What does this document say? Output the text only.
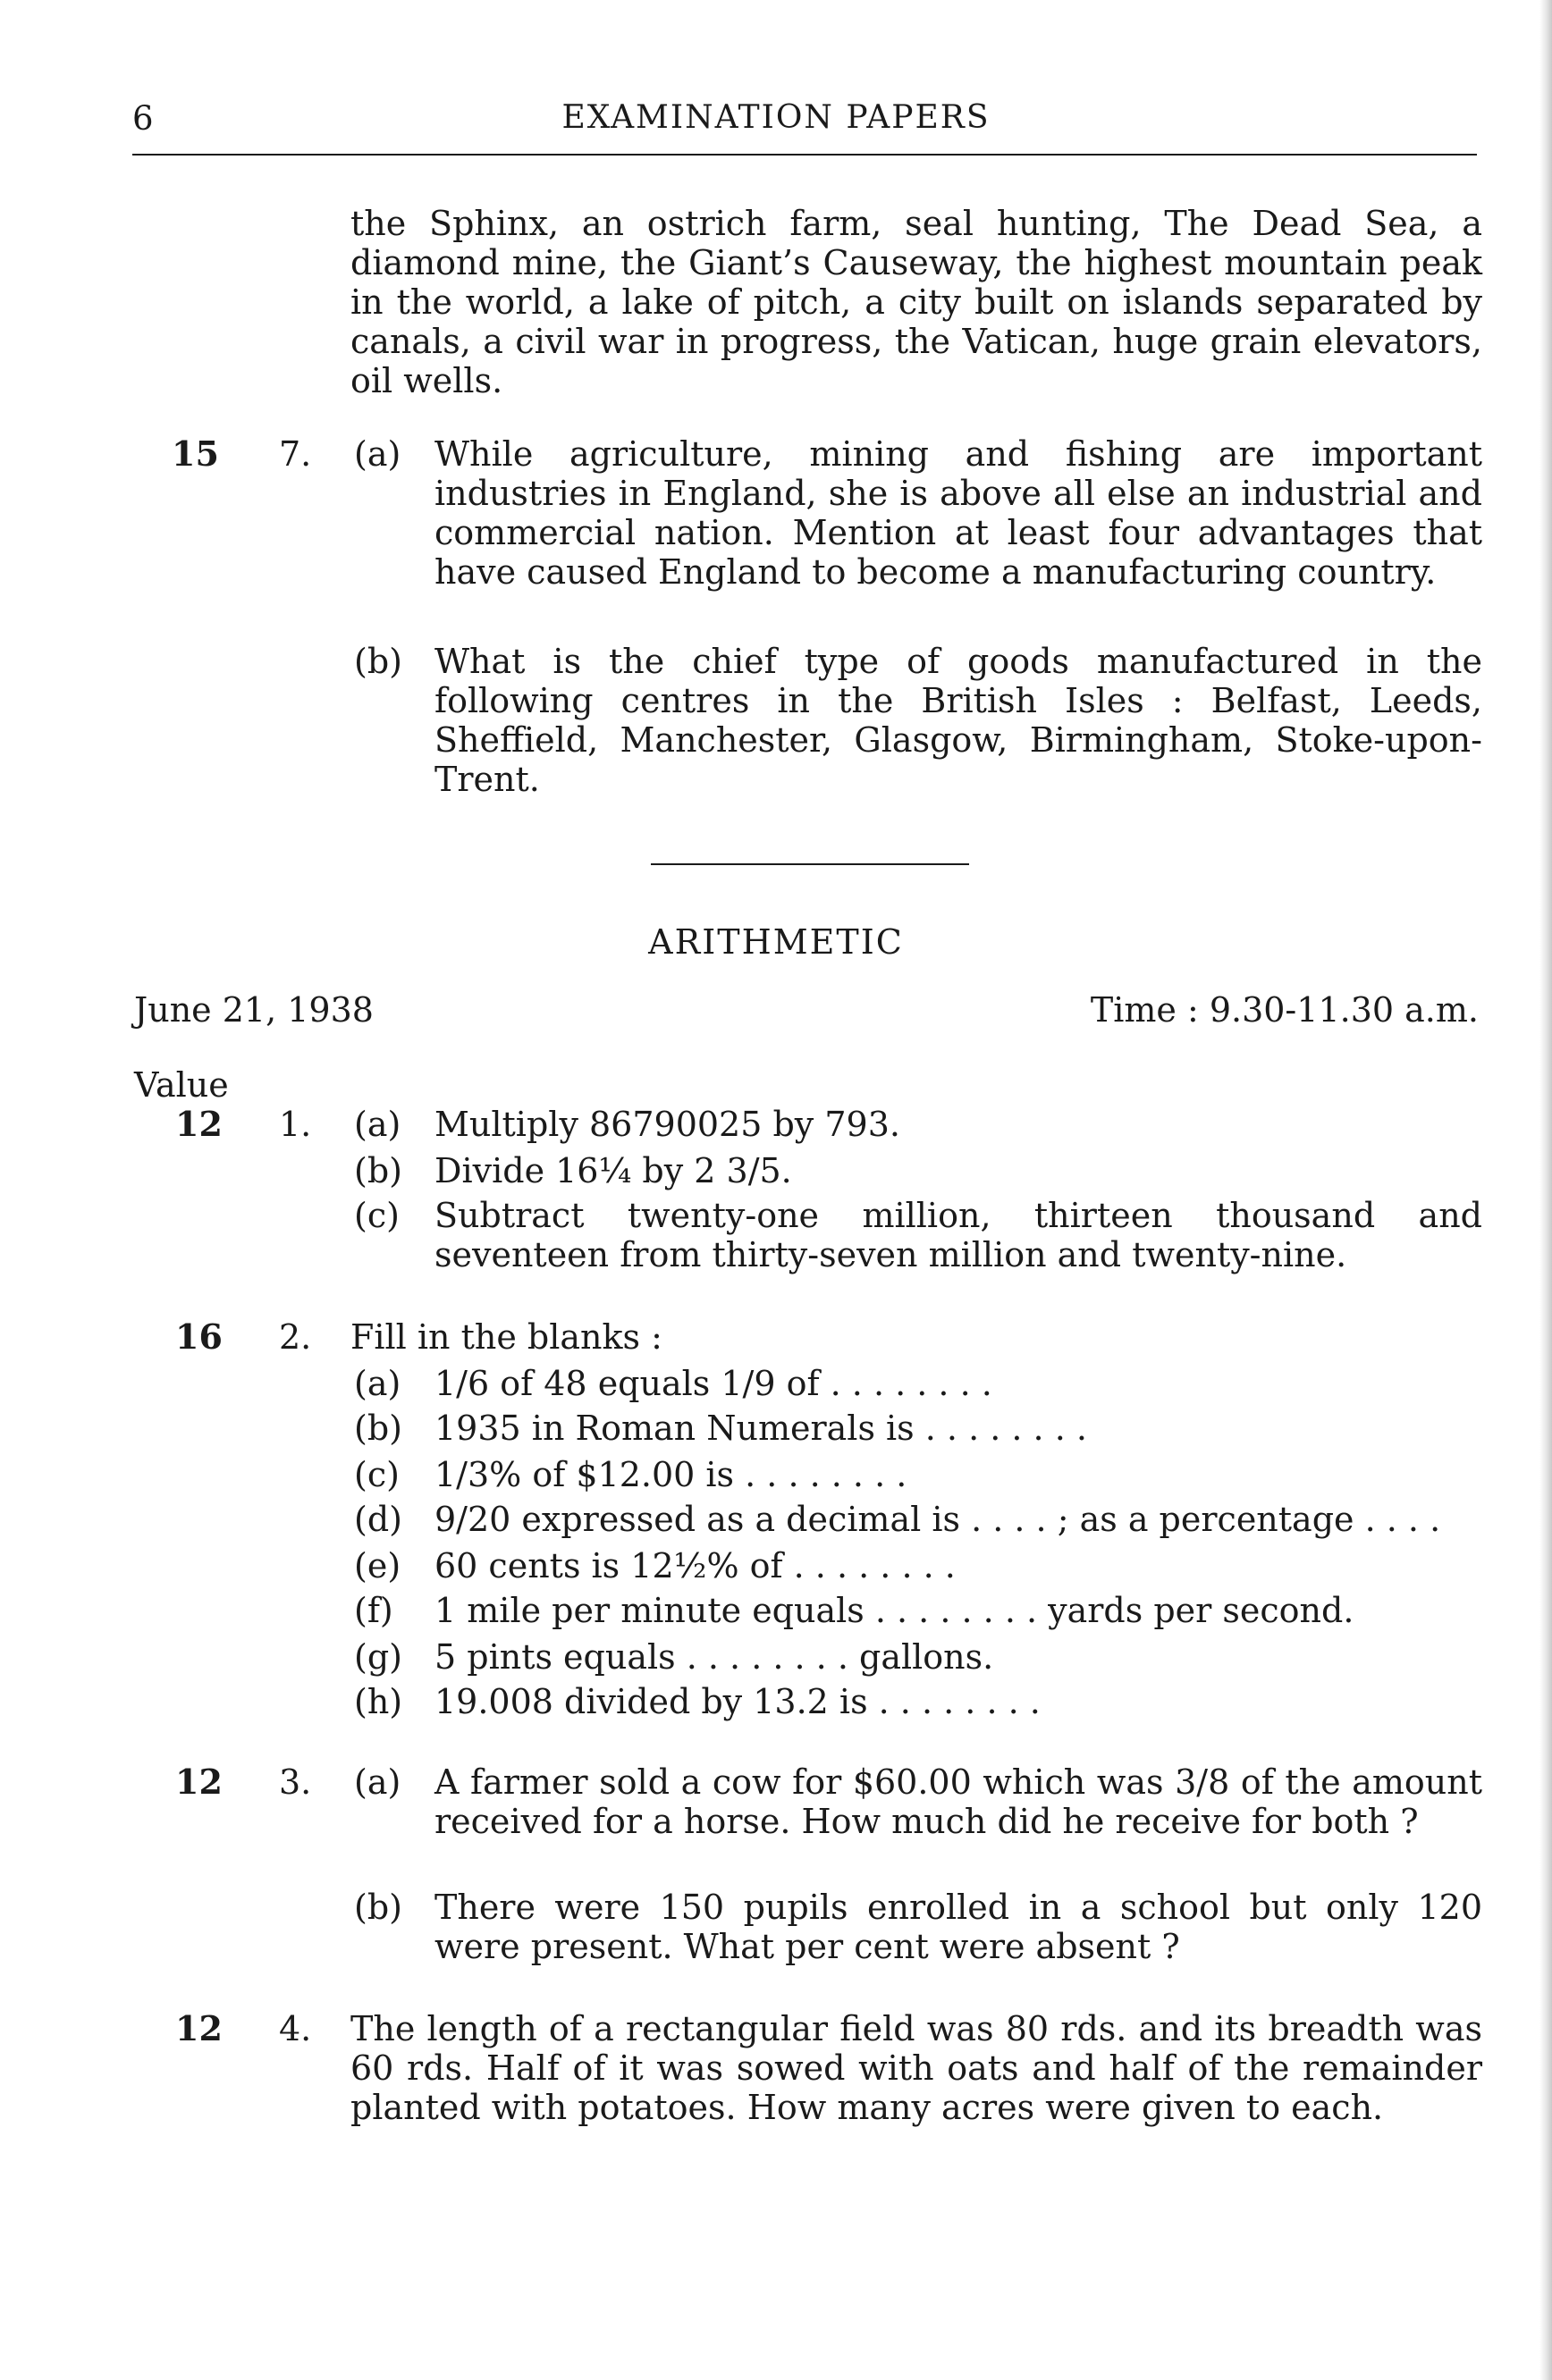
6	EXAMINATION PAPERS

the Sphinx, an ostrich farm, seal hunting, The Dead Sea, a diamond mine, the Giant’s Causeway, the highest mountain peak in the world, a lake of pitch, a city built on islands separated by canals, a civil war in progress, the Vatican, huge grain elevators, oil wells.

15 7. (a) While agriculture, mining and fishing are important industries in England, she is above all else an industrial and commercial nation. Mention at least four advantages that have caused England to become a manufacturing country.

(b) What is the chief type of goods manufactured in the following centres in the British Isles : Belfast, Leeds, Sheffield, Manchester, Glasgow, Birmingham, Stoke-upon-Trent.

ARITHMETIC
June 21, 1938	Time : 9.30-11.30 a.m.
Value
12 1. (a) Multiply 86790025 by 793.

(b) Divide 16¼ by 2 3/5.

(c) Subtract twenty-one million, thirteen thousand and seventeen from thirty-seven million and twenty-nine.

16 2. Fill in the blanks :

(a) 1/6 of 48 equals 1/9 of . . . . . . . .

(b) 1935 in Roman Numerals is . . . . . . . .

(c) 1/3% of $12.00 is . . . . . . . .

(d) 9/20 expressed as a decimal is . . . . ; as a percentage . . . .

(e) 60 cents is 12½% of . . . . . . . .

(f) 1 mile per minute equals . . . . . . . . yards per second.

(g) 5 pints equals . . . . . . . . gallons.

(h) 19.008 divided by 13.2 is . . . . . . . .

12 3. (a) A farmer sold a cow for $60.00 which was 3/8 of the amount received for a horse. How much did he receive for both ?

(b) There were 150 pupils enrolled in a school but only 120 were present. What per cent were absent ?

12 4. The length of a rectangular field was 80 rds. and its breadth was 60 rds. Half of it was sowed with oats and half of the remainder planted with potatoes. How many acres were given to each.
